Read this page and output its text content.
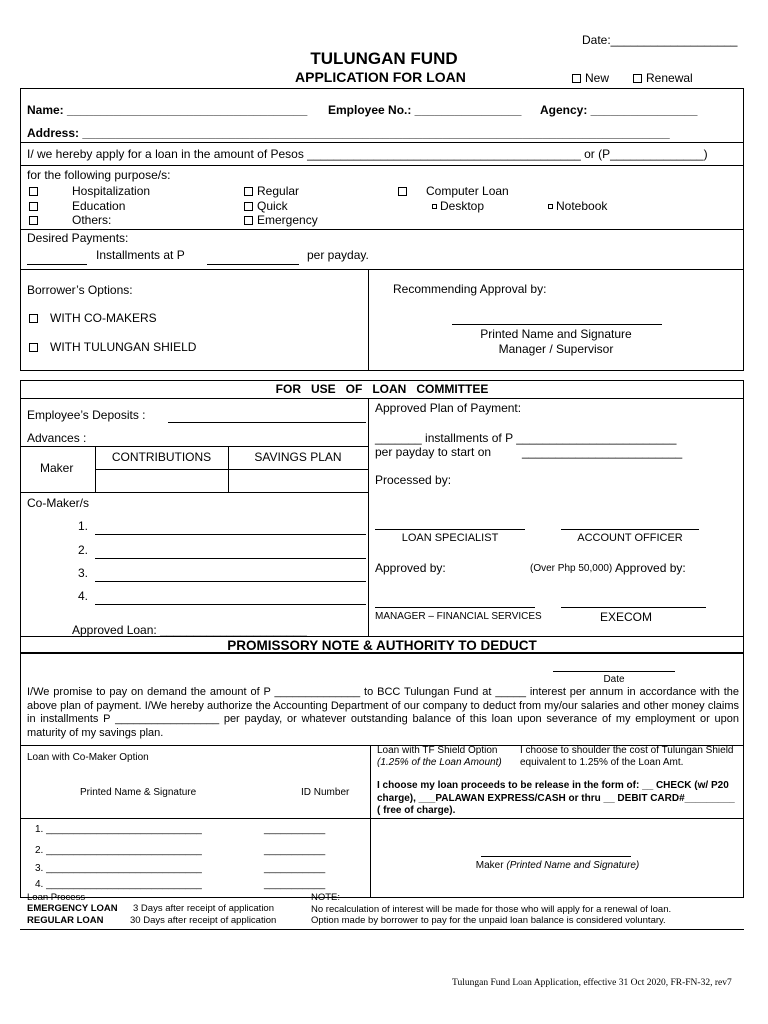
Date:___________________
TULUNGAN FUND
APPLICATION FOR LOAN	New	Renewal
Name: ____________________________________ Employee No.: ________________ Agency: ________________
Address: ________________________________________________________________________________________
I/ we hereby apply for a loan in the amount of Pesos _________________________________________ or (P______________)
for the following purpose/s:
Hospitalization
Education
Others:
Regular
Quick
Emergency
Computer Loan
Desktop	Notebook
Desired Payments:
Installments at P	per payday.
Borrower’s Options:
WITH CO-MAKERS
WITH TULUNGAN SHIELD
Recommending Approval by:
Printed Name and Signature
Manager / Supervisor
FOR   USE   OF   LOAN   COMMITTEE
Employee’s Deposits :
Advances :
Maker
CONTRIBUTIONS	SAVINGS PLAN
Co-Maker/s
1.
2.
3.
4.
Approved Loan: ______________________
Approved Plan of Payment:
_______ installments of P ________________________
per payday to start on	________________________
Processed by:
LOAN SPECIALIST	ACCOUNT OFFICER
Approved by:	(Over Php 50,000) Approved by:
MANAGER – FINANCIAL SERVICES	EXECOM
PROMISSORY NOTE & AUTHORITY TO DEDUCT
Date
I/We promise to pay on demand the amount of P ______________ to BCC Tulungan Fund at _____ interest per annum in accordance with the above plan of payment. I/We hereby authorize the Accounting Department of our company to deduct from my/our salaries and other money claims in installments P _________________ per payday, or whatever outstanding balance of this loan upon severance of my employment or upon maturity of my savings plan.
Loan with Co-Maker Option
Printed Name & Signature	ID Number
Loan with TF Shield Option
(1.25% of the Loan Amount)
I choose to shoulder the cost of Tulungan Shield
equivalent to 1.25% of the Loan Amt.
I choose my loan proceeds to be release in the form of: __ CHECK (w/ P20
charge), ___PALAWAN EXPRESS/CASH or thru __ DEBIT CARD#_________
( free of charge).
1. ____________________________	___________
2. ____________________________	___________
3. ____________________________	___________
4. ____________________________	___________
Maker (Printed Name and Signature)
Loan Process
EMERGENCY LOAN 3 Days after receipt of application
REGULAR LOAN	30 Days after receipt of application
NOTE:
No recalculation of interest will be made for those who will apply for a renewal of loan.
Option made by borrower to pay for the unpaid loan balance is considered voluntary.
Tulungan Fund Loan Application, effective 31 Oct 2020, FR-FN-32, rev7
